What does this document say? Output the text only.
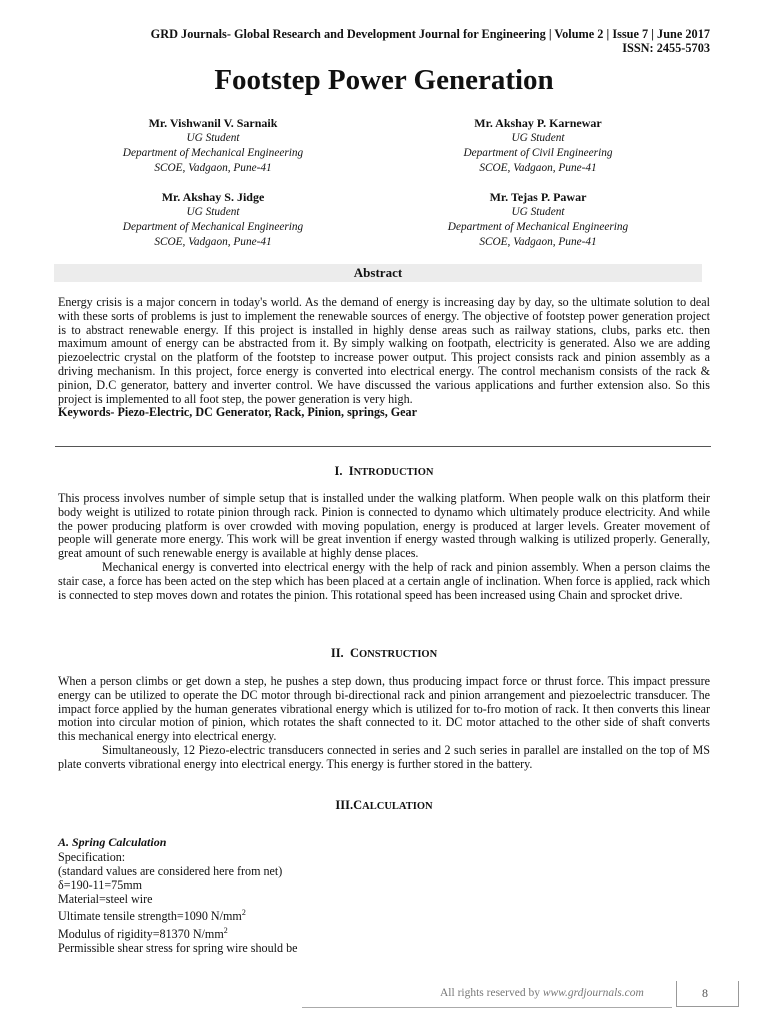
GRD Journals- Global Research and Development Journal for Engineering | Volume 2 | Issue 7 | June 2017
ISSN: 2455-5703
Footstep Power Generation
Mr. Vishwanil V. Sarnaik
UG Student
Department of Mechanical Engineering
SCOE, Vadgaon, Pune-41
Mr. Akshay P. Karnewar
UG Student
Department of Civil Engineering
SCOE, Vadgaon, Pune-41
Mr. Akshay S. Jidge
UG Student
Department of Mechanical Engineering
SCOE, Vadgaon, Pune-41
Mr. Tejas P. Pawar
UG Student
Department of Mechanical Engineering
SCOE, Vadgaon, Pune-41
Abstract

Energy crisis is a major concern in today's world. As the demand of energy is increasing day by day, so the ultimate solution to deal with these sorts of problems is just to implement the renewable sources of energy. The objective of footstep power generation project is to abstract renewable energy. If this project is installed in highly dense areas such as railway stations, clubs, parks etc. then maximum amount of energy can be abstracted from it. By simply walking on footpath, electricity is generated. Also we are adding piezoelectric crystal on the platform of the footstep to increase power output. This project consists rack and pinion assembly as a driving mechanism. In this project, force energy is converted into electrical energy. The control mechanism consists of the rack & pinion, D.C generator, battery and inverter control. We have discussed the various applications and further extension also. So this project is implemented to all foot step, the power generation is very high.

Keywords- Piezo-Electric, DC Generator, Rack, Pinion, springs, Gear

I. INTRODUCTION

This process involves number of simple setup that is installed under the walking platform. When people walk on this platform their body weight is utilized to rotate pinion through rack. Pinion is connected to dynamo which ultimately produce electricity. And while the power producing platform is over crowded with moving population, energy is produced at larger levels. Greater movement of people will generate more energy. This work will be great invention if energy wasted through walking is utilized properly. Generally, great amount of such renewable energy is available at highly dense places.

Mechanical energy is converted into electrical energy with the help of rack and pinion assembly. When a person claims the stair case, a force has been acted on the step which has been placed at a certain angle of inclination. When force is applied, rack which is connected to step moves down and rotates the pinion. This rotational speed has been increased using Chain and sprocket drive.

II. CONSTRUCTION

When a person climbs or get down a step, he pushes a step down, thus producing impact force or thrust force. This impact pressure energy can be utilized to operate the DC motor through bi-directional rack and pinion arrangement and piezoelectric transducer. The impact force applied by the human generates vibrational energy which is utilized for to-fro motion of rack. It then converts this linear motion into circular motion of pinion, which rotates the shaft connected to it. DC motor attached to the other side of shaft converts this mechanical energy into electrical energy.

Simultaneously, 12 Piezo-electric transducers connected in series and 2 such series in parallel are installed on the top of MS plate converts vibrational energy into electrical energy. This energy is further stored in the battery.

III.CALCULATION
A. Spring Calculation
Specification:
(standard values are considered here from net)
δ=190-11=75mm
Material=steel wire
Ultimate tensile strength=1090 $N/mm^2$
Modulus of rigidity=81370 $N/mm^2$
Permissible shear stress for spring wire should be
All rights reserved by www.grdjournals.com	8
